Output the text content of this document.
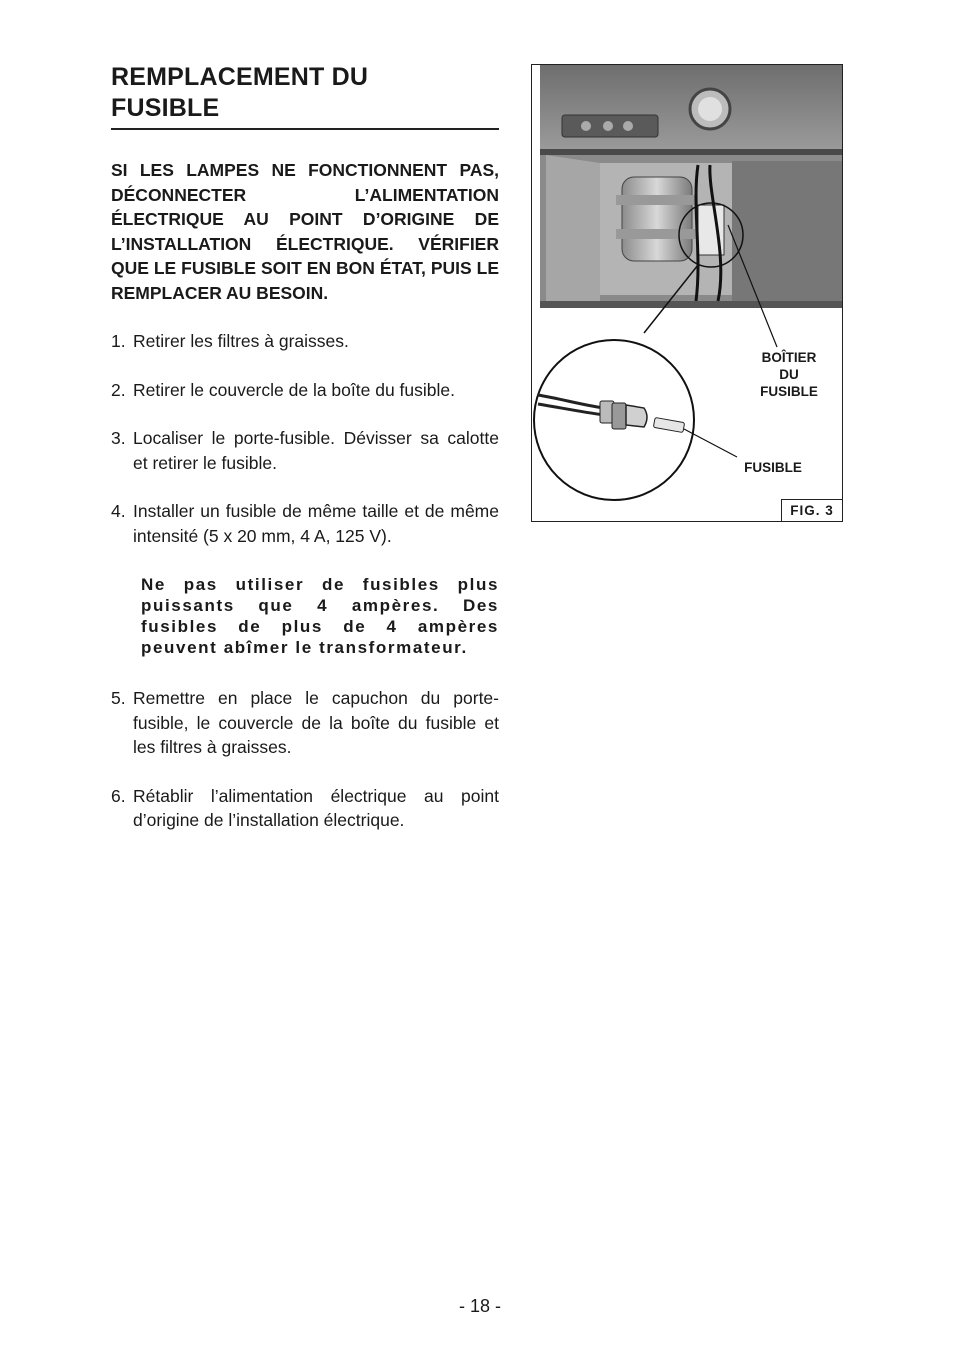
REMPLACEMENT DU
FUSIBLE

SI LES LAMPES NE FONCTIONNENT PAS, DÉCONNECTER L’ALIMENTATION ÉLECTRIQUE AU POINT D’ORIGINE DE L’INSTALLATION ÉLECTRIQUE. VÉRIFIER QUE LE FUSIBLE SOIT EN BON ÉTAT, PUIS LE REMPLACER AU BESOIN.

1. Retirer les filtres à graisses.

2. Retirer le couvercle de la boîte du fusible.

3. Localiser le porte-fusible. Dévisser sa calotte et retirer le fusible.

4. Installer un fusible de même taille et de même intensité (5 x 20 mm, 4 A, 125 V).

Ne pas utiliser de fusibles plus puissants que 4 ampères. Des fusibles de plus de 4 ampères peuvent abîmer le transformateur.

5. Remettre en place le capuchon du porte-fusible, le couvercle de la boîte du fusible et les filtres à graisses.

6. Rétablir l’alimentation électrique au point d’origine de l’installation électrique.

BOÎTIER
DU
FUSIBLE

FUSIBLE

FIG. 3

- 18 -
